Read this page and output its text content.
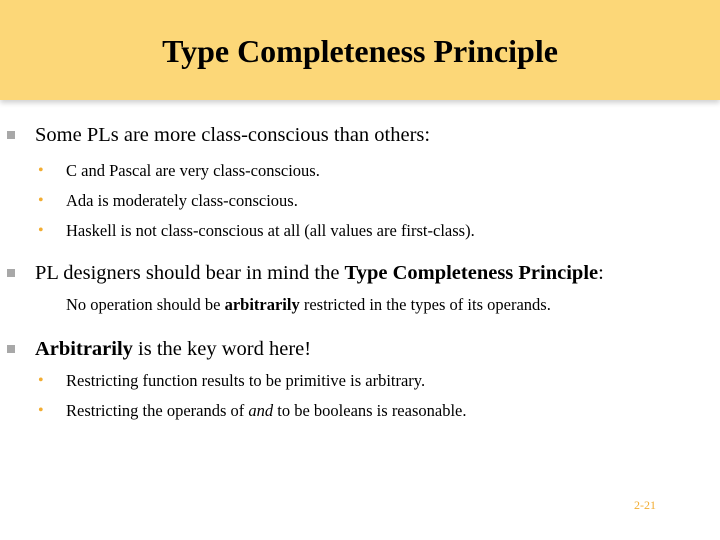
Type Completeness Principle
Some PLs are more class-conscious than others:
• C and Pascal are very class-conscious.
• Ada is moderately class-conscious.
• Haskell is not class-conscious at all (all values are first-class).
PL designers should bear in mind the Type Completeness Principle:
No operation should be arbitrarily restricted in the types of its operands.
Arbitrarily is the key word here!
• Restricting function results to be primitive is arbitrary.
• Restricting the operands of and to be booleans is reasonable.
2-21
